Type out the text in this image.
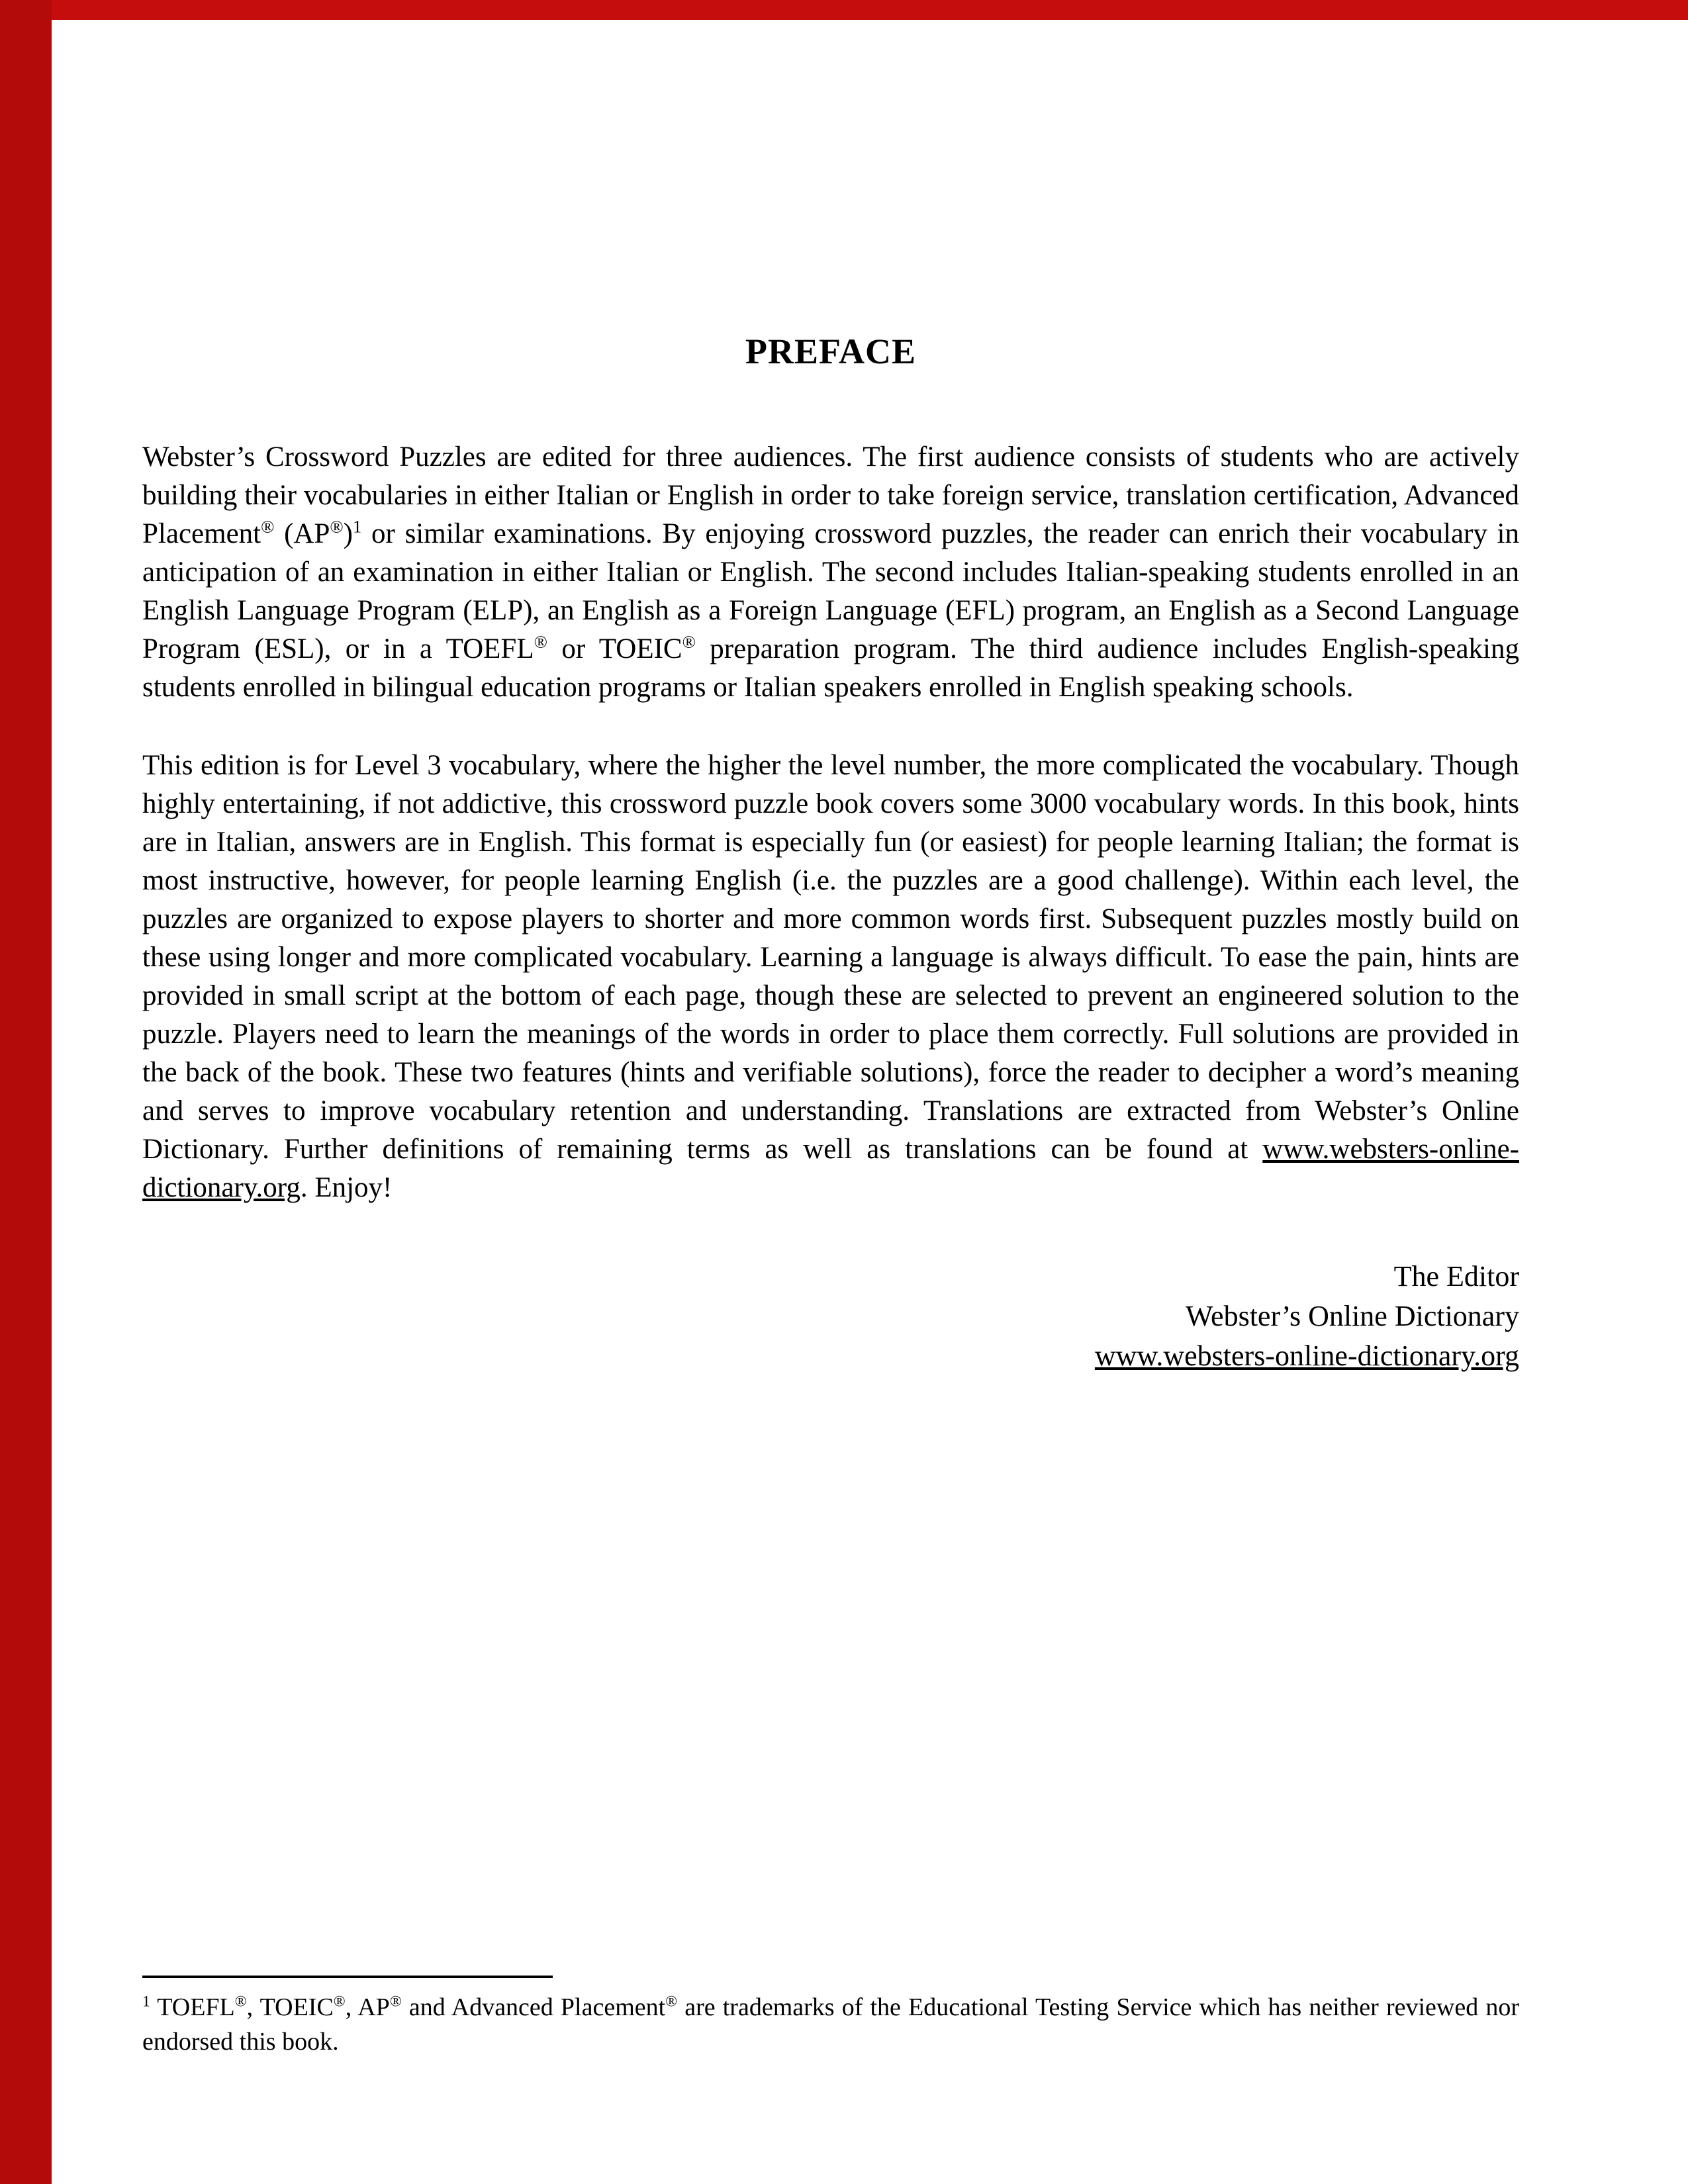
PREFACE

Webster’s Crossword Puzzles are edited for three audiences. The first audience consists of students who are actively building their vocabularies in either Italian or English in order to take foreign service, translation certification, Advanced Placement® $(AP®)^1$ or similar examinations. By enjoying crossword puzzles, the reader can enrich their vocabulary in anticipation of an examination in either Italian or English. The second includes Italian-speaking students enrolled in an English Language Program (ELP), an English as a Foreign Language (EFL) program, an English as a Second Language Program (ESL), or in a TOEFL® or TOEIC® preparation program. The third audience includes English-speaking students enrolled in bilingual education programs or Italian speakers enrolled in English speaking schools.

This edition is for Level 3 vocabulary, where the higher the level number, the more complicated the vocabulary. Though highly entertaining, if not addictive, this crossword puzzle book covers some 3000 vocabulary words. In this book, hints are in Italian, answers are in English. This format is especially fun (or easiest) for people learning Italian; the format is most instructive, however, for people learning English (i.e. the puzzles are a good challenge). Within each level, the puzzles are organized to expose players to shorter and more common words first. Subsequent puzzles mostly build on these using longer and more complicated vocabulary. Learning a language is always difficult. To ease the pain, hints are provided in small script at the bottom of each page, though these are selected to prevent an engineered solution to the puzzle. Players need to learn the meanings of the words in order to place them correctly. Full solutions are provided in the back of the book. These two features (hints and verifiable solutions), force the reader to decipher a word’s meaning and serves to improve vocabulary retention and understanding. Translations are extracted from Webster’s Online Dictionary. Further definitions of remaining terms as well as translations can be found at www.websters-online-dictionary.org. Enjoy!

The Editor
Webster’s Online Dictionary
www.websters-online-dictionary.org

$^1$ TOEFL®, TOEIC®, AP® and Advanced Placement® are trademarks of the Educational Testing Service which has neither reviewed nor endorsed this book.
